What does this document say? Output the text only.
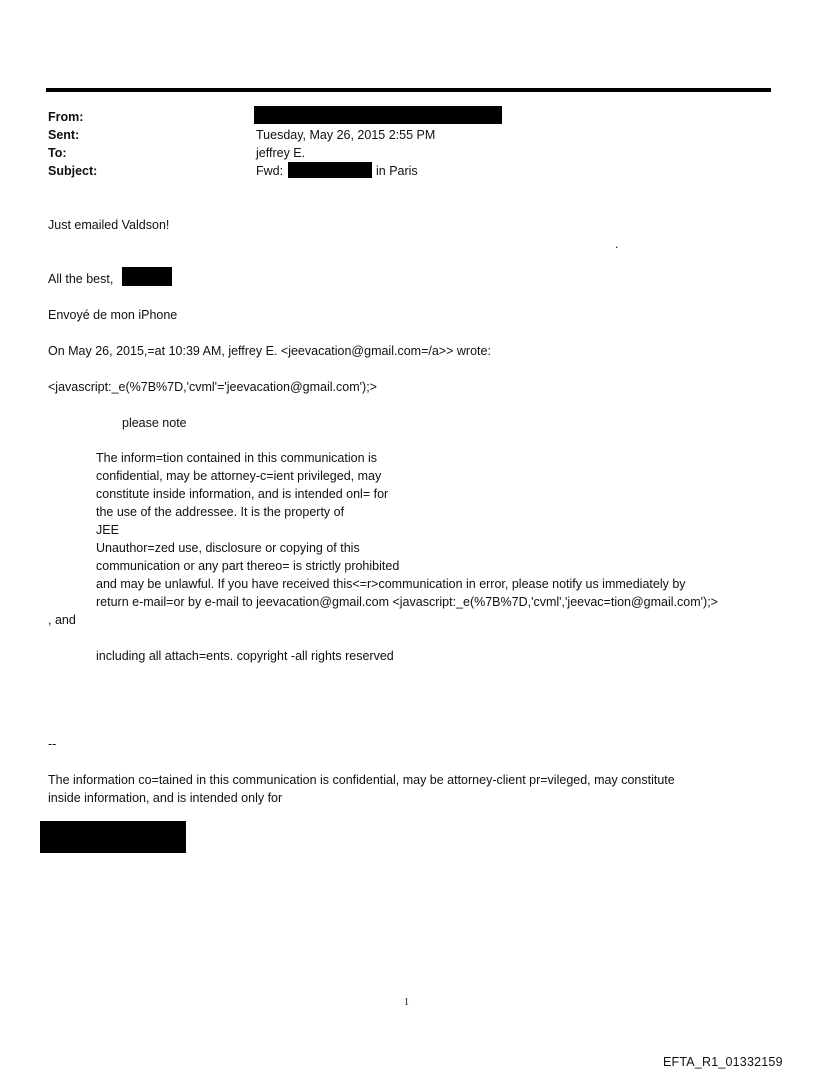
From:
Sent:	Tuesday, May 26, 2015 2:55 PM
To:	jeffrey E.
Subject:	Fwd:	in Paris
Just emailed Valdson!
.
All the best,
Envoyé de mon iPhone
On May 26, 2015,=at 10:39 AM, jeffrey E. <jeevacation@gmail.com=/a>> wrote:
<javascript:_e(%7B%7D,'cvml'='jeevacation@gmail.com');>
please note
The inform=tion contained in this communication is
confidential, may be attorney-c=ient privileged, may
constitute inside information, and is intended onl= for
the use of the addressee. It is the property of
JEE
Unauthor=zed use, disclosure or copying of this
communication or any part thereo= is strictly prohibited
and may be unlawful. If you have received this<=r>communication in error, please notify us immediately by
return e-mail=or by e-mail to jeevacation@gmail.com <javascript:_e(%7B%7D,'cvml','jeevac=tion@gmail.com');>
, and
including all attach=ents. copyright -all rights reserved
--
The information co=tained in this communication is confidential, may be attorney-client pr=vileged, may constitute
inside information, and is intended only for
1
EFTA_R1_01332159
